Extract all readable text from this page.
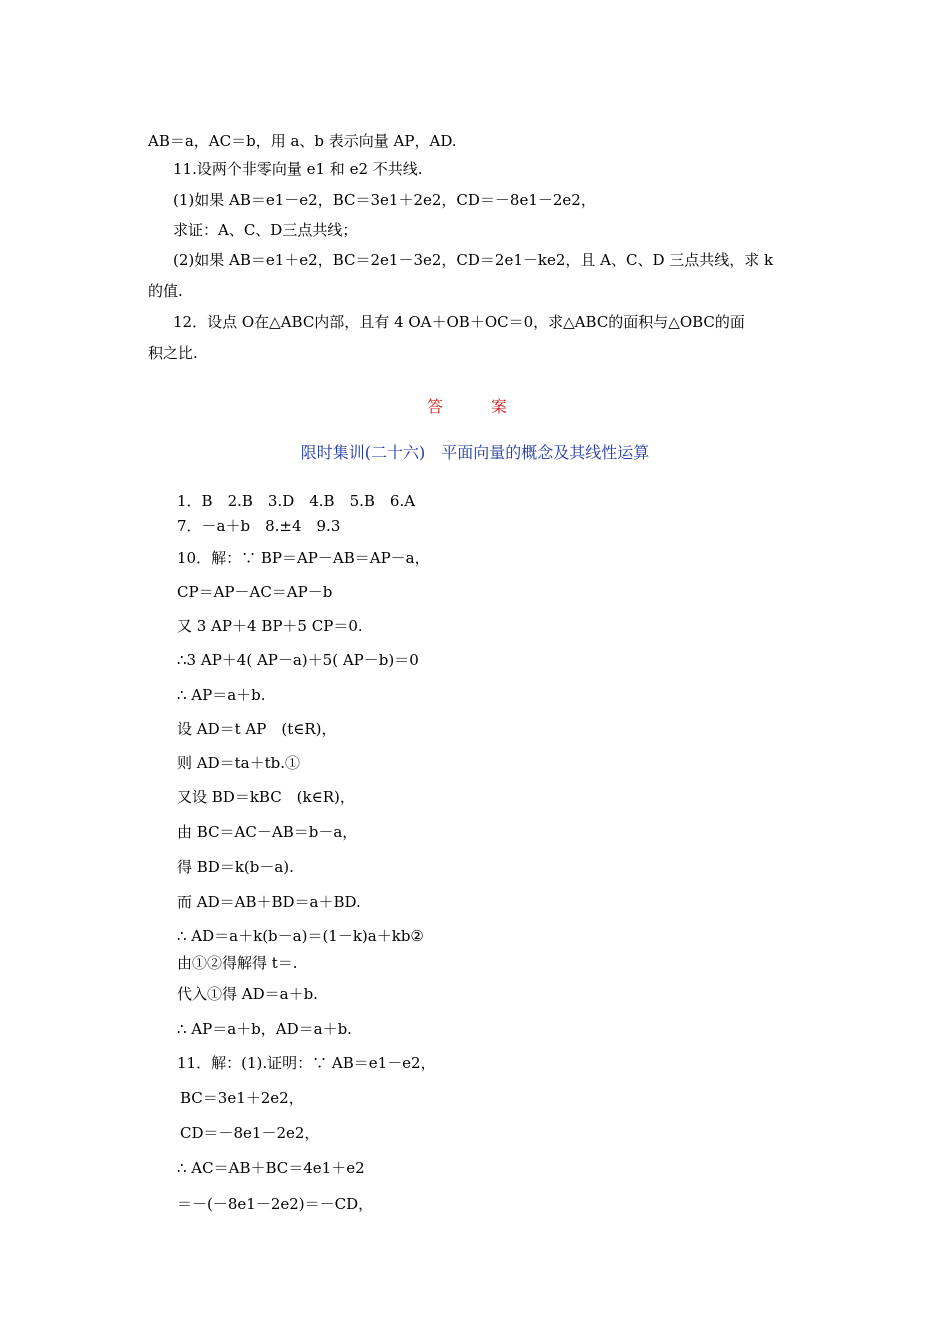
AB＝a，AC＝b，用 a、b 表示向量 AP，AD.
11.设两个非零向量 e1 和 e2 不共线.
(1)如果 AB＝e1－e2，BC＝3e1＋2e2，CD＝－8e1－2e2，
求证：A、C、D三点共线；
(2)如果 AB＝e1＋e2，BC＝2e1－3e2，CD＝2e1－ke2，且 A、C、D 三点共线，求 k
的值.
12．设点 O在△ABC内部，且有 4 OA＋OB＋OC＝0，求△ABC的面积与△OBC的面
积之比.
答　案
限时集训(二十六)　平面向量的概念及其线性运算
1．B　2.B　3.D　4.B　5.B　6.A
7．－a＋b　8.±4　9.3
10．解：∵ BP＝AP－AB＝AP－a，
CP＝AP－AC＝AP－b
又 3 AP＋4 BP＋5 CP＝0.
∴3 AP＋4( AP－a)＋5( AP－b)＝0
∴ AP＝a＋b.
设 AD＝t AP　(t∈R)，
则 AD＝ta＋tb.①
又设 BD＝kBC　(k∈R)，
由 BC＝AC－AB＝b－a，
得 BD＝k(b－a).
而 AD＝AB＋BD＝a＋BD.
∴ AD＝a＋k(b－a)＝(1－k)a＋kb②
由①②得解得 t＝.
代入①得 AD＝a＋b.
∴ AP＝a＋b，AD＝a＋b.
11．解：(1).证明：∵ AB＝e1－e2，
BC＝3e1＋2e2，
CD＝－8e1－2e2，
∴ AC＝AB＋BC＝4e1＋e2
＝－(－8e1－2e2)＝－CD，
